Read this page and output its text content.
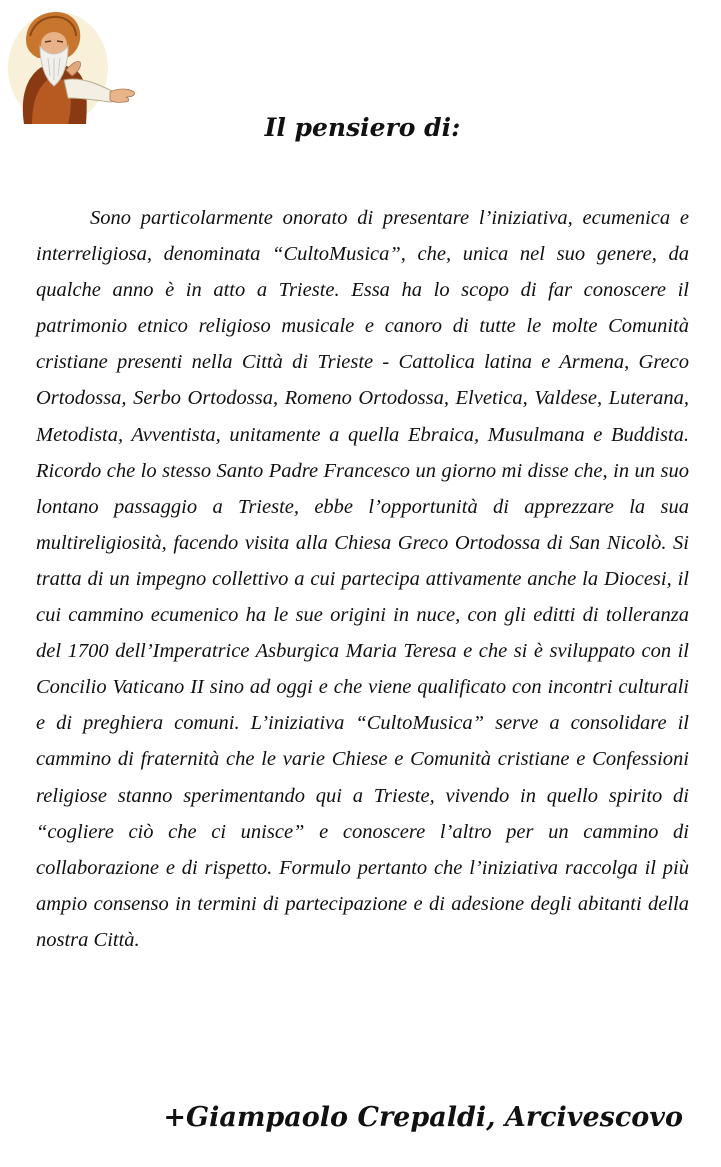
Il pensiero di:

Sono particolarmente onorato di presentare l’iniziativa, ecumenica e interreligiosa, denominata “CultoMusica”, che, unica nel suo genere, da qualche anno è in atto a Trieste. Essa ha lo scopo di far conoscere il patrimonio etnico religioso musicale e canoro di tutte le molte Comunità cristiane presenti nella Città di Trieste - Cattolica latina e Armena, Greco Ortodossa, Serbo Ortodossa, Romeno Ortodossa, Elvetica, Valdese, Luterana, Metodista, Avventista, unitamente a quella Ebraica, Musulmana e Buddista. Ricordo che lo stesso Santo Padre Francesco un giorno mi disse che, in un suo lontano passaggio a Trieste, ebbe l’opportunità di apprezzare la sua multireligiosità, facendo visita alla Chiesa Greco Ortodossa di San Nicolò. Si tratta di un impegno collettivo a cui partecipa attivamente anche la Diocesi, il cui cammino ecumenico ha le sue origini in nuce, con gli editti di tolleranza del 1700 dell’Imperatrice Asburgica Maria Teresa e che si è sviluppato con il Concilio Vaticano II sino ad oggi e che viene qualificato con incontri culturali e di preghiera comuni. L’iniziativa “CultoMusica” serve a consolidare il cammino di fraternità che le varie Chiese e Comunità cristiane e Confessioni religiose stanno sperimentando qui a Trieste, vivendo in quello spirito di “cogliere ciò che ci unisce” e conoscere l’altro per un cammino di collaborazione e di rispetto. Formulo pertanto che l’iniziativa raccolga il più ampio consenso in termini di partecipazione e di adesione degli abitanti della nostra Città.

+Giampaolo Crepaldi, Arcivescovo
